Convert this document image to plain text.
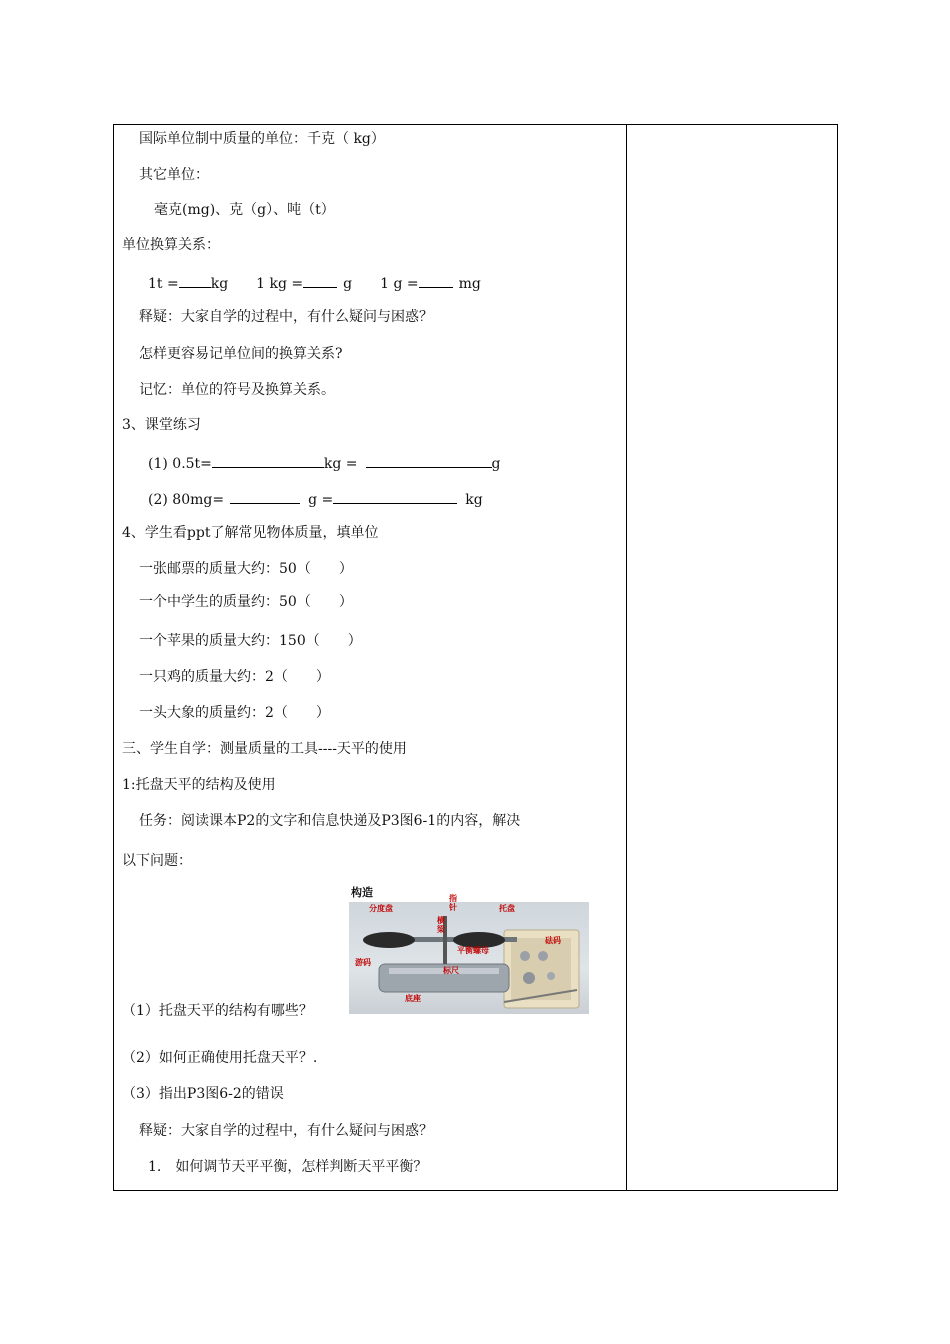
国际单位制中质量的单位：千克（ kg）
其它单位：
毫克(mg)、克（g）、吨（t）
单位换算关系：
1t = kg 1 kg =	g 1 g =	mg
释疑：大家自学的过程中，有什么疑问与困惑？
怎样更容易记单位间的换算关系?
记忆：单位的符号及换算关系。
3、课堂练习
(1) 0.5t=	kg =	g
(2) 80mg=	g =	kg
4、学生看ppt了解常见物体质量，填单位
一张邮票的质量大约：50（　　）
一个中学生的质量约：50（　　）
一个苹果的质量大约：150（　　）
一只鸡的质量大约：2（　　）
一头大象的质量约：2（　　）
三、学生自学：测量质量的工具----天平的使用
1:托盘天平的结构及使用
任务：阅读课本P2的文字和信息快递及P3图6-1的内容，解决
以下问题：
构造
分度盘
指针
横梁
托盘
砝码
平衡螺母
游码
标尺
底座
（1）托盘天平的结构有哪些？
（2）如何正确使用托盘天平？.
（3）指出P3图6-2的错误
释疑：大家自学的过程中，有什么疑问与困惑？
1.　如何调节天平平衡，怎样判断天平平衡？
